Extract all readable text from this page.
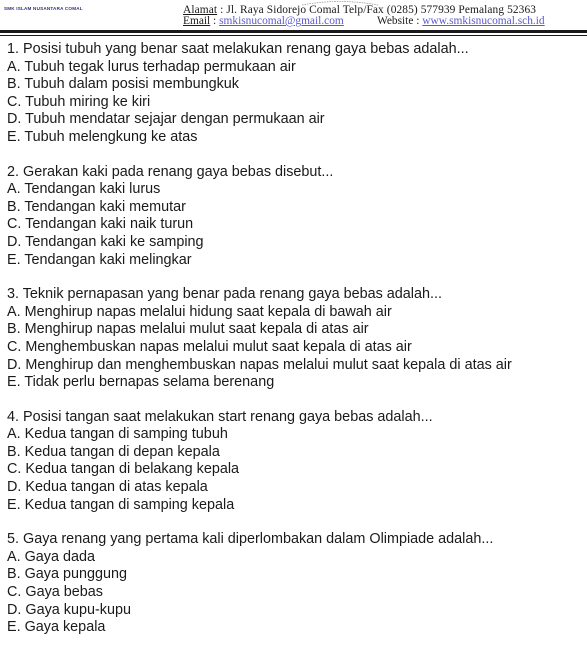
SMK ISLAM NUSANTARA COMAL	Alamat : Jl. Raya Sidorejo Comal Telp/Fax (0285) 577939 Pemalang 52363
Email : smkisnucomal@gmail.com	Website : www.smkisnucomal.sch.id
1. Posisi tubuh yang benar saat melakukan renang gaya bebas adalah...
A. Tubuh tegak lurus terhadap permukaan air
B. Tubuh dalam posisi membungkuk
C. Tubuh miring ke kiri
D. Tubuh mendatar sejajar dengan permukaan air
E. Tubuh melengkung ke atas
2. Gerakan kaki pada renang gaya bebas disebut...
A. Tendangan kaki lurus
B. Tendangan kaki memutar
C. Tendangan kaki naik turun
D. Tendangan kaki ke samping
E. Tendangan kaki melingkar
3. Teknik pernapasan yang benar pada renang gaya bebas adalah...
A. Menghirup napas melalui hidung saat kepala di bawah air
B. Menghirup napas melalui mulut saat kepala di atas air
C. Menghembuskan napas melalui mulut saat kepala di atas air
D. Menghirup dan menghembuskan napas melalui mulut saat kepala di atas air
E. Tidak perlu bernapas selama berenang
4. Posisi tangan saat melakukan start renang gaya bebas adalah...
A. Kedua tangan di samping tubuh
B. Kedua tangan di depan kepala
C. Kedua tangan di belakang kepala
D. Kedua tangan di atas kepala
E. Kedua tangan di samping kepala
5. Gaya renang yang pertama kali diperlombakan dalam Olimpiade adalah...
A. Gaya dada
B. Gaya punggung
C. Gaya bebas
D. Gaya kupu-kupu
E. Gaya kepala
